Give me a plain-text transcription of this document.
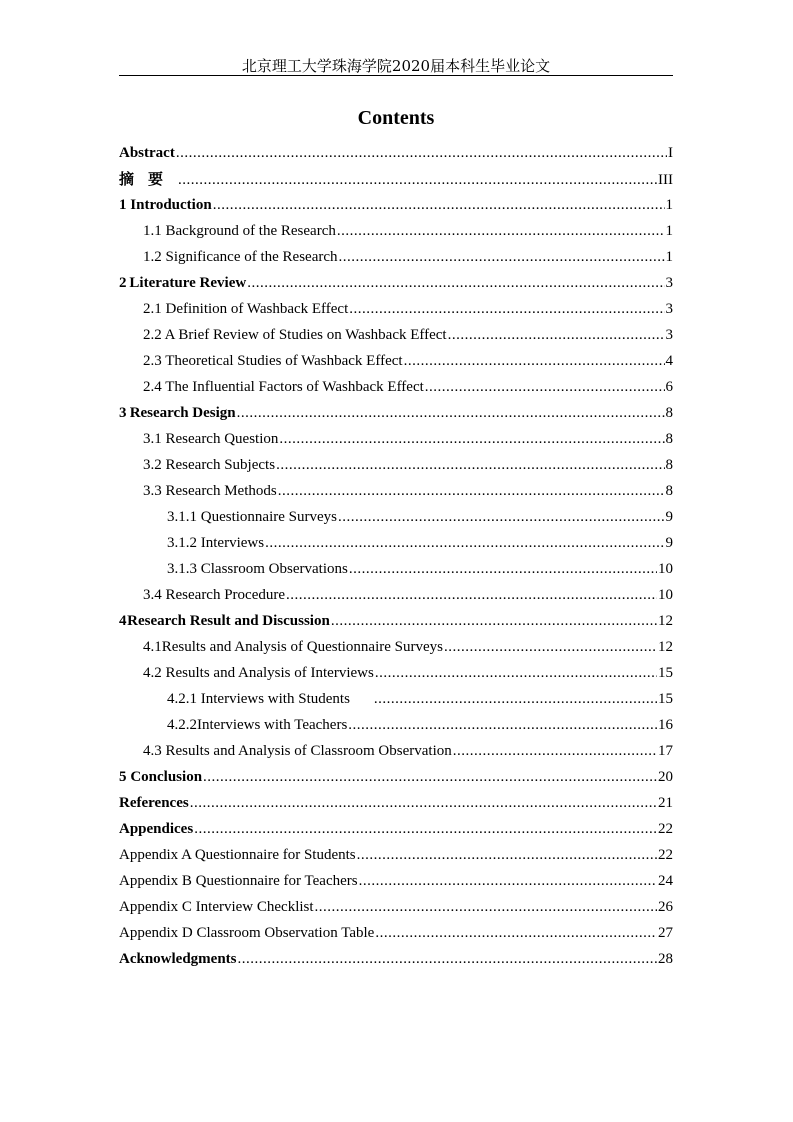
北京理工大学珠海学院2020届本科生毕业论文
Contents
Abstract .....	I
摘要 .....	III
1 Introduction .....	1
1.1 Background of the Research .....	1
1.2 Significance of the Research .....	1
2 Literature Review .....	3
2.1 Definition of Washback Effect .....	3
2.2 A Brief Review of Studies on Washback Effect .....	3
2.3 Theoretical Studies of Washback Effect .....	4
2.4 The Influential Factors of Washback Effect .....	6
3 Research Design .....	8
3.1 Research Question .....	8
3.2 Research Subjects .....	8
3.3 Research Methods .....	8
3.1.1 Questionnaire Surveys .....	9
3.1.2 Interviews .....	9
3.1.3 Classroom Observations .....	10
3.4 Research Procedure .....	10
4 Research Result and Discussion .....	12
4.1Results and Analysis of Questionnaire Surveys .....	12
4.2 Results and Analysis of Interviews .....	15
4.2.1 Interviews with Students .....	15
4.2.2Interviews with Teachers .....	16
4.3 Results and Analysis of Classroom Observation .....	17
5 Conclusion .....	20
References .....	21
Appendices .....	22
Appendix A Questionnaire for Students .....	22
Appendix B Questionnaire for Teachers .....	24
Appendix C Interview Checklist .....	26
Appendix D Classroom Observation Table .....	27
Acknowledgments .....	28
